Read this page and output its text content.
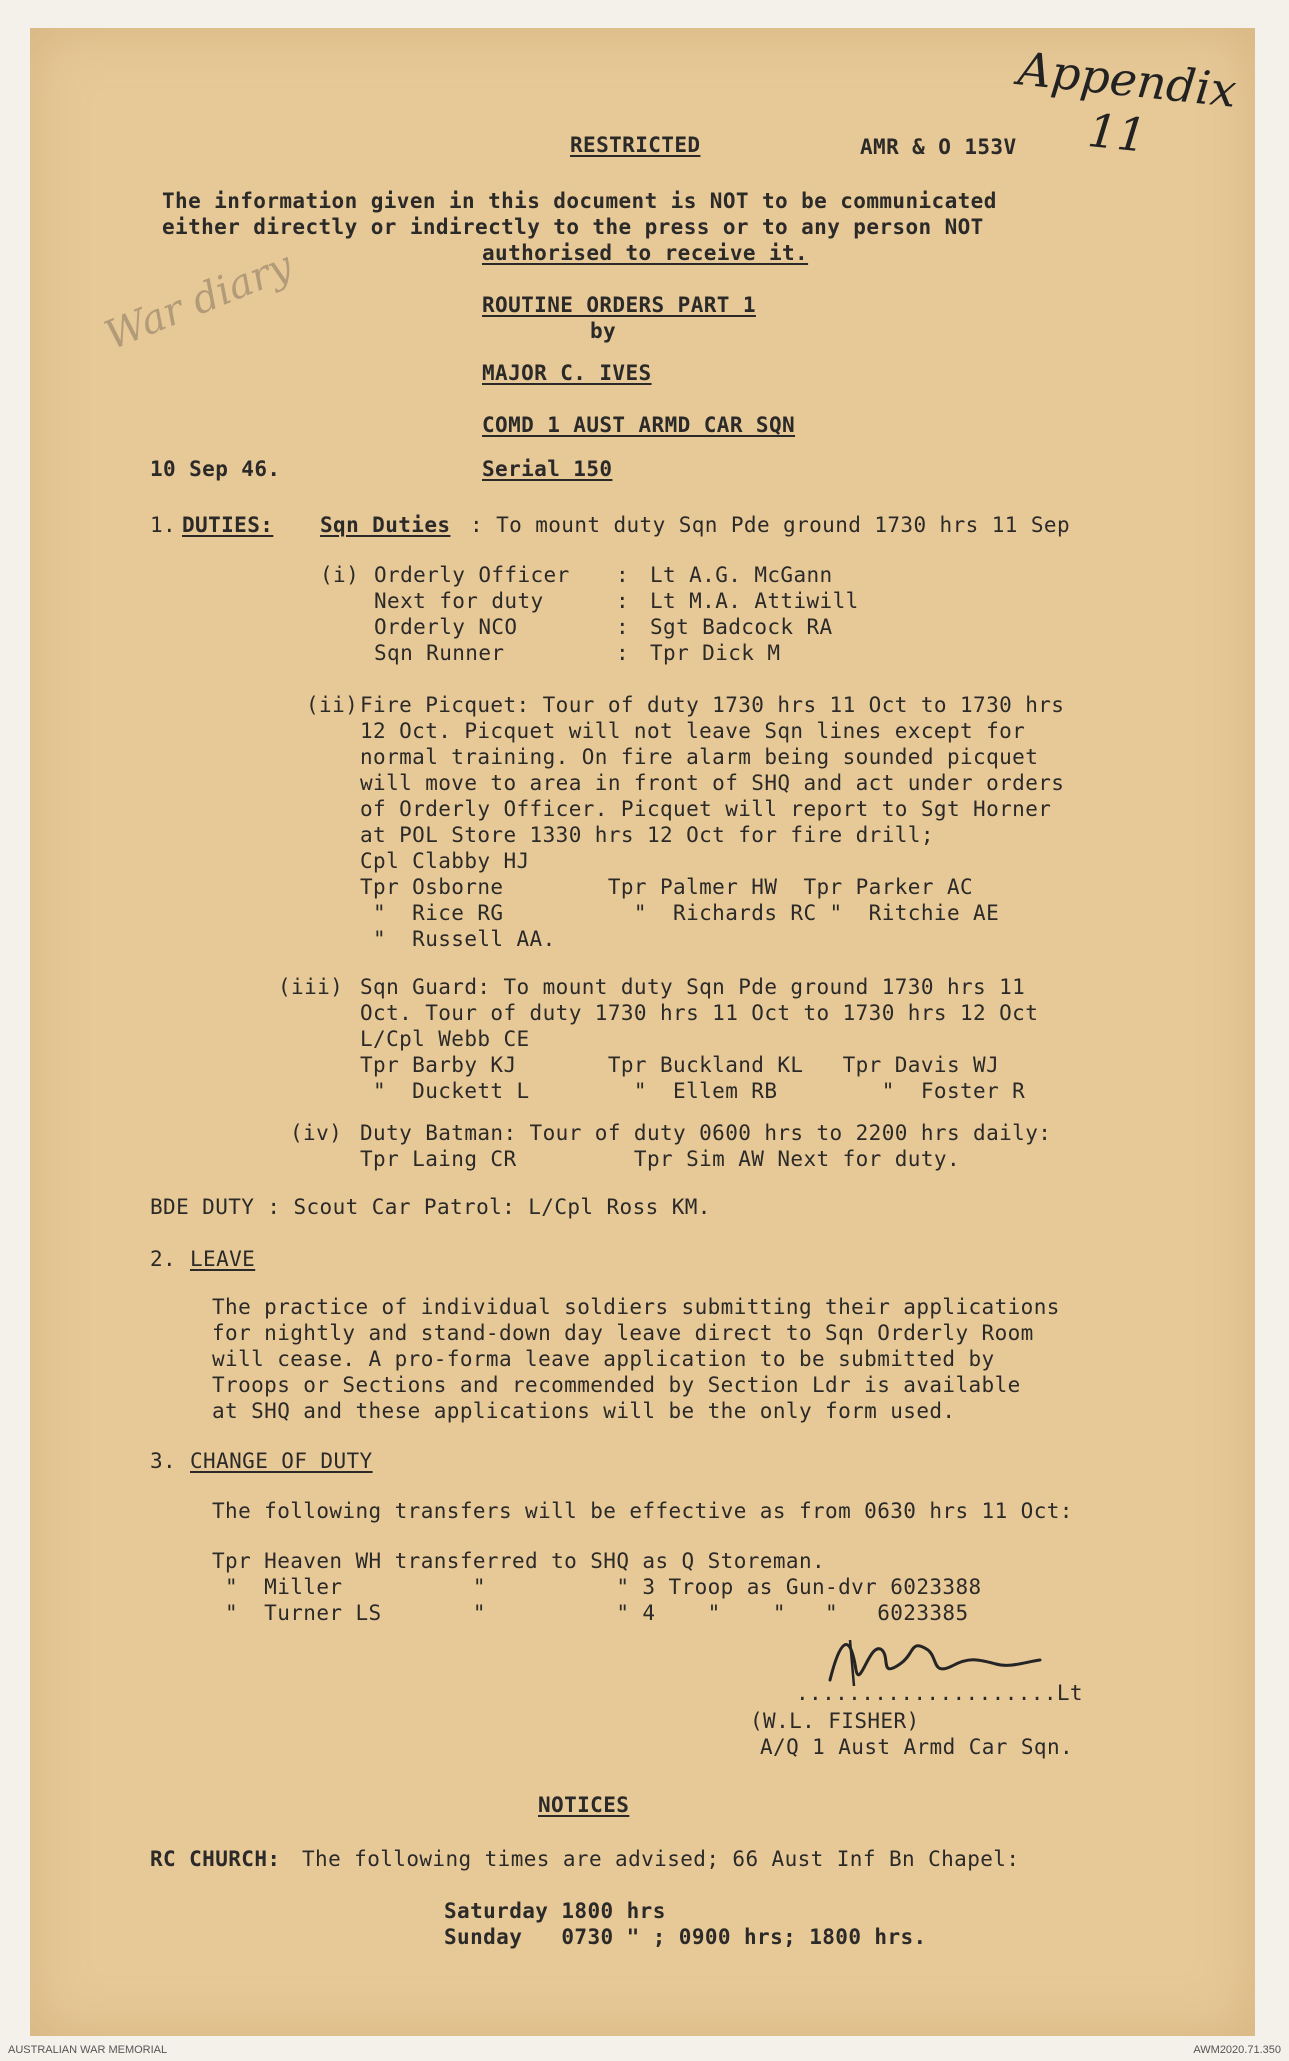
Appendix 11
War diary
RESTRICTED	AMR & O 153V
The information given in this document is NOT to be communicated
either directly or indirectly to the press or to any person NOT
authorised to receive it.
ROUTINE ORDERS PART 1
by
MAJOR C. IVES
COMD 1 AUST ARMD CAR SQN
10 Sep 46.	Serial 150
1. DUTIES: Sqn Duties : To mount duty Sqn Pde ground 1730 hrs 11 Sep
(i) Orderly Officer : Lt A.G. McGann
Next for duty	: Lt M.A. Attiwill
Orderly NCO	: Sgt Badcock RA
Sqn Runner	: Tpr Dick M
(ii) Fire Picquet: Tour of duty 1730 hrs 11 Oct to 1730 hrs
12 Oct. Picquet will not leave Sqn lines except for
normal training. On fire alarm being sounded picquet
will move to area in front of SHQ and act under orders
of Orderly Officer. Picquet will report to Sgt Horner
at POL Store 1330 hrs 12 Oct for fire drill;
Cpl Clabby HJ
Tpr Osborne        Tpr Palmer HW  Tpr Parker AC
"  Rice RG          "  Richards RC "  Ritchie AE
"  Russell AA.
(iii) Sqn Guard: To mount duty Sqn Pde ground 1730 hrs 11
Oct. Tour of duty 1730 hrs 11 Oct to 1730 hrs 12 Oct
L/Cpl Webb CE
Tpr Barby KJ       Tpr Buckland KL   Tpr Davis WJ
"  Duckett L        "  Ellem RB        "  Foster R
(iv) Duty Batman: Tour of duty 0600 hrs to 2200 hrs daily:
Tpr Laing CR         Tpr Sim AW Next for duty.
BDE DUTY : Scout Car Patrol: L/Cpl Ross KM.
2. LEAVE
The practice of individual soldiers submitting their applications
for nightly and stand-down day leave direct to Sqn Orderly Room
will cease. A pro-forma leave application to be submitted by
Troops or Sections and recommended by Section Ldr is available
at SHQ and these applications will be the only form used.
3. CHANGE OF DUTY
The following transfers will be effective as from 0630 hrs 11 Oct:
Tpr Heaven WH transferred to SHQ as Q Storeman.
"  Miller          "          " 3 Troop as Gun-dvr 6023388
"  Turner LS       "          " 4    "    "   "   6023385
....................Lt
(W.L. FISHER)
A/Q 1 Aust Armd Car Sqn.
NOTICES
RC CHURCH: The following times are advised; 66 Aust Inf Bn Chapel:
Saturday 1800 hrs
Sunday   0730 " ; 0900 hrs; 1800 hrs.
AUSTRALIAN WAR MEMORIAL	AWM2020.71.350
